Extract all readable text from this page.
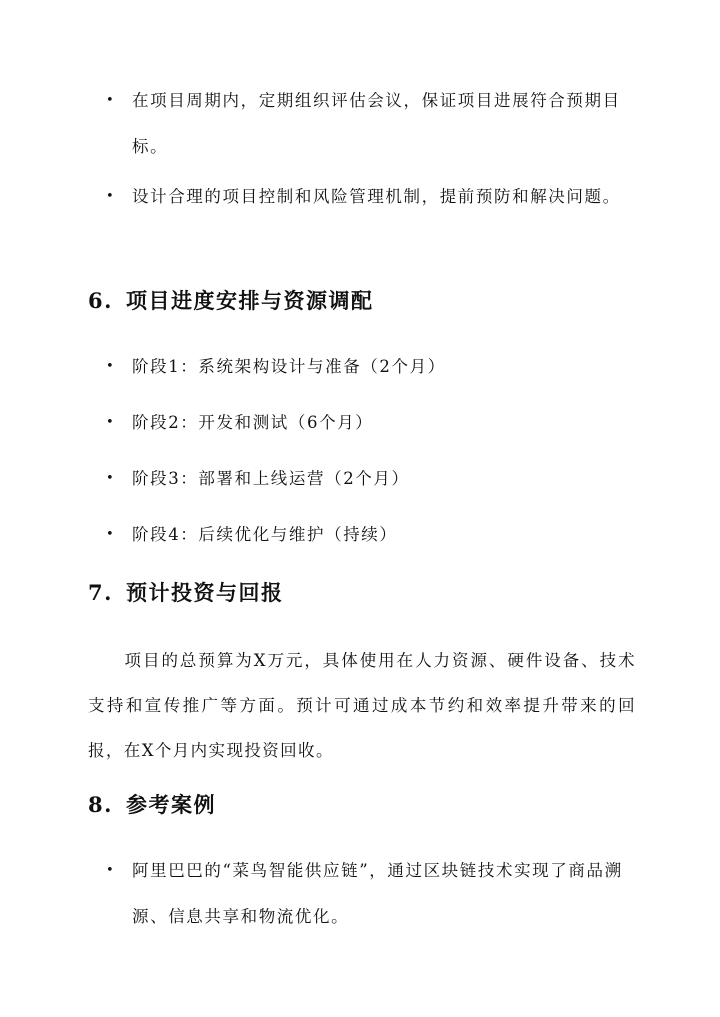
•	在项目周期内，定期组织评估会议，保证项目进展符合预期目标。
•	设计合理的项目控制和风险管理机制，提前预防和解决问题。
6. 项目进度安排与资源调配
•	阶段1：系统架构设计与准备（2个月）
•	阶段2：开发和测试（6个月）
•	阶段3：部署和上线运营（2个月）
•	阶段4：后续优化与维护（持续）
7. 预计投资与回报
项目的总预算为X万元，具体使用在人力资源、硬件设备、技术支持和宣传推广等方面。预计可通过成本节约和效率提升带来的回报，在X个月内实现投资回收。
8. 参考案例
•	阿里巴巴的“菜鸟智能供应链”，通过区块链技术实现了商品溯源、信息共享和物流优化。
